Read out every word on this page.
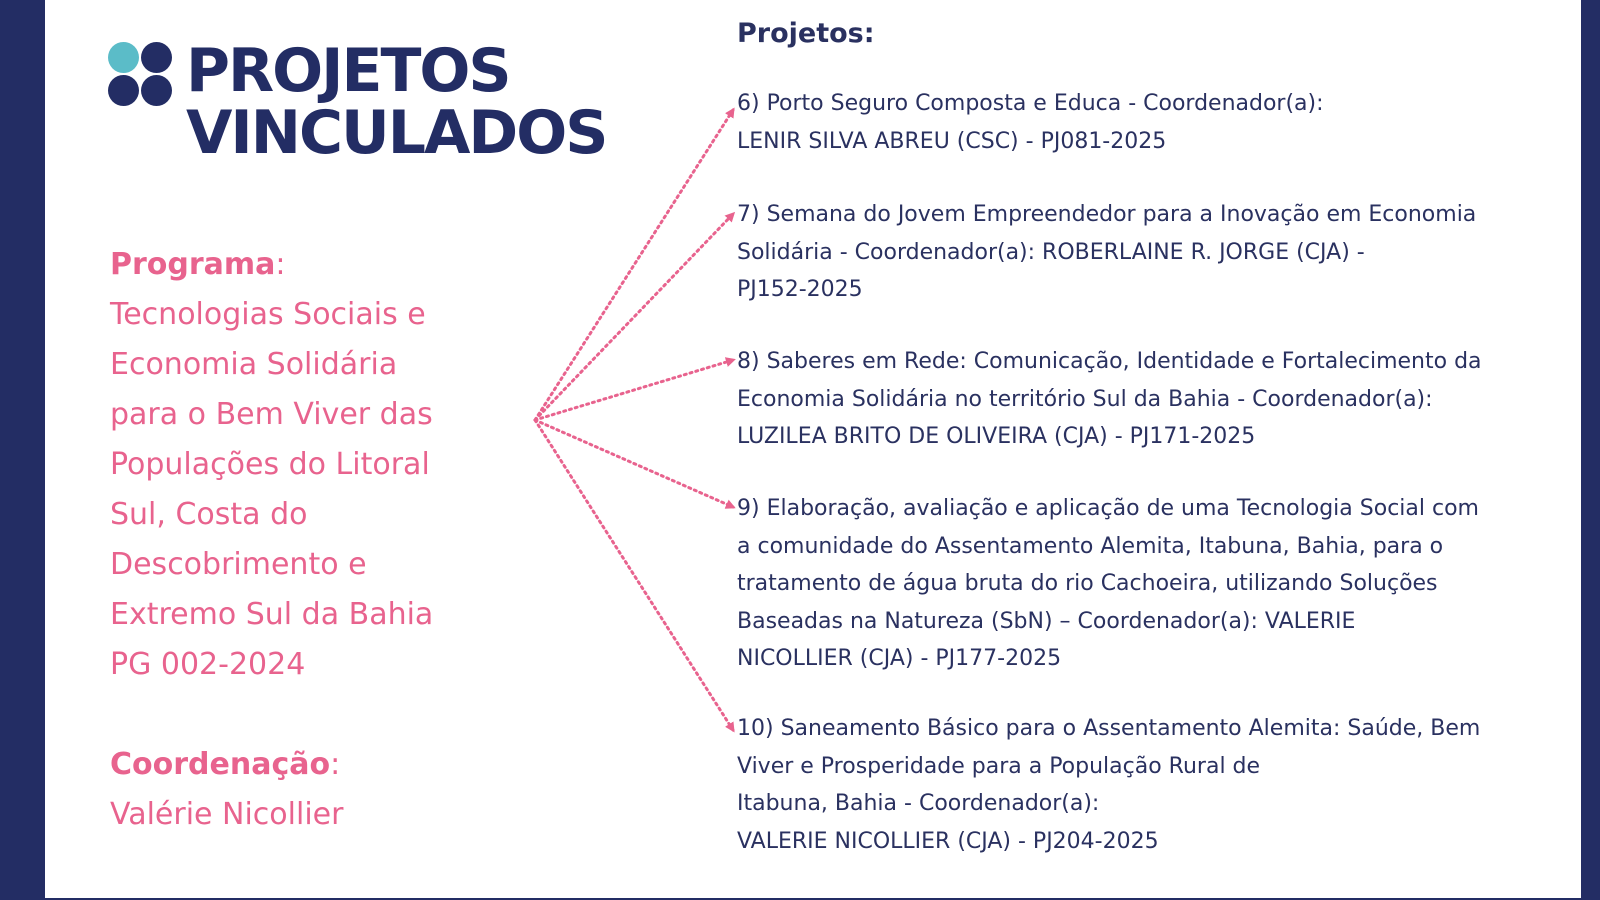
PROJETOS
VINCULADOS
Programa:
Tecnologias Sociais e
Economia Solidária
para o Bem Viver das
Populações do Litoral
Sul, Costa do
Descobrimento e
Extremo Sul da Bahia
PG 002-2024
Coordenação:
Valérie Nicollier
Projetos:
6) Porto Seguro Composta e Educa - Coordenador(a):
LENIR SILVA ABREU (CSC) - PJ081-2025
7) Semana do Jovem Empreendedor para a Inovação em Economia
Solidária - Coordenador(a): ROBERLAINE R. JORGE (CJA) -
PJ152-2025
8) Saberes em Rede: Comunicação, Identidade e Fortalecimento da
Economia Solidária no território Sul da Bahia - Coordenador(a):
LUZILEA BRITO DE OLIVEIRA (CJA) - PJ171-2025
9) Elaboração, avaliação e aplicação de uma Tecnologia Social com
a comunidade do Assentamento Alemita, Itabuna, Bahia, para o
tratamento de água bruta do rio Cachoeira, utilizando Soluções
Baseadas na Natureza (SbN) – Coordenador(a): VALERIE
NICOLLIER (CJA) - PJ177-2025
10) Saneamento Básico para o Assentamento Alemita: Saúde, Bem
Viver e Prosperidade para a População Rural de
Itabuna, Bahia - Coordenador(a):
VALERIE NICOLLIER (CJA) - PJ204-2025
